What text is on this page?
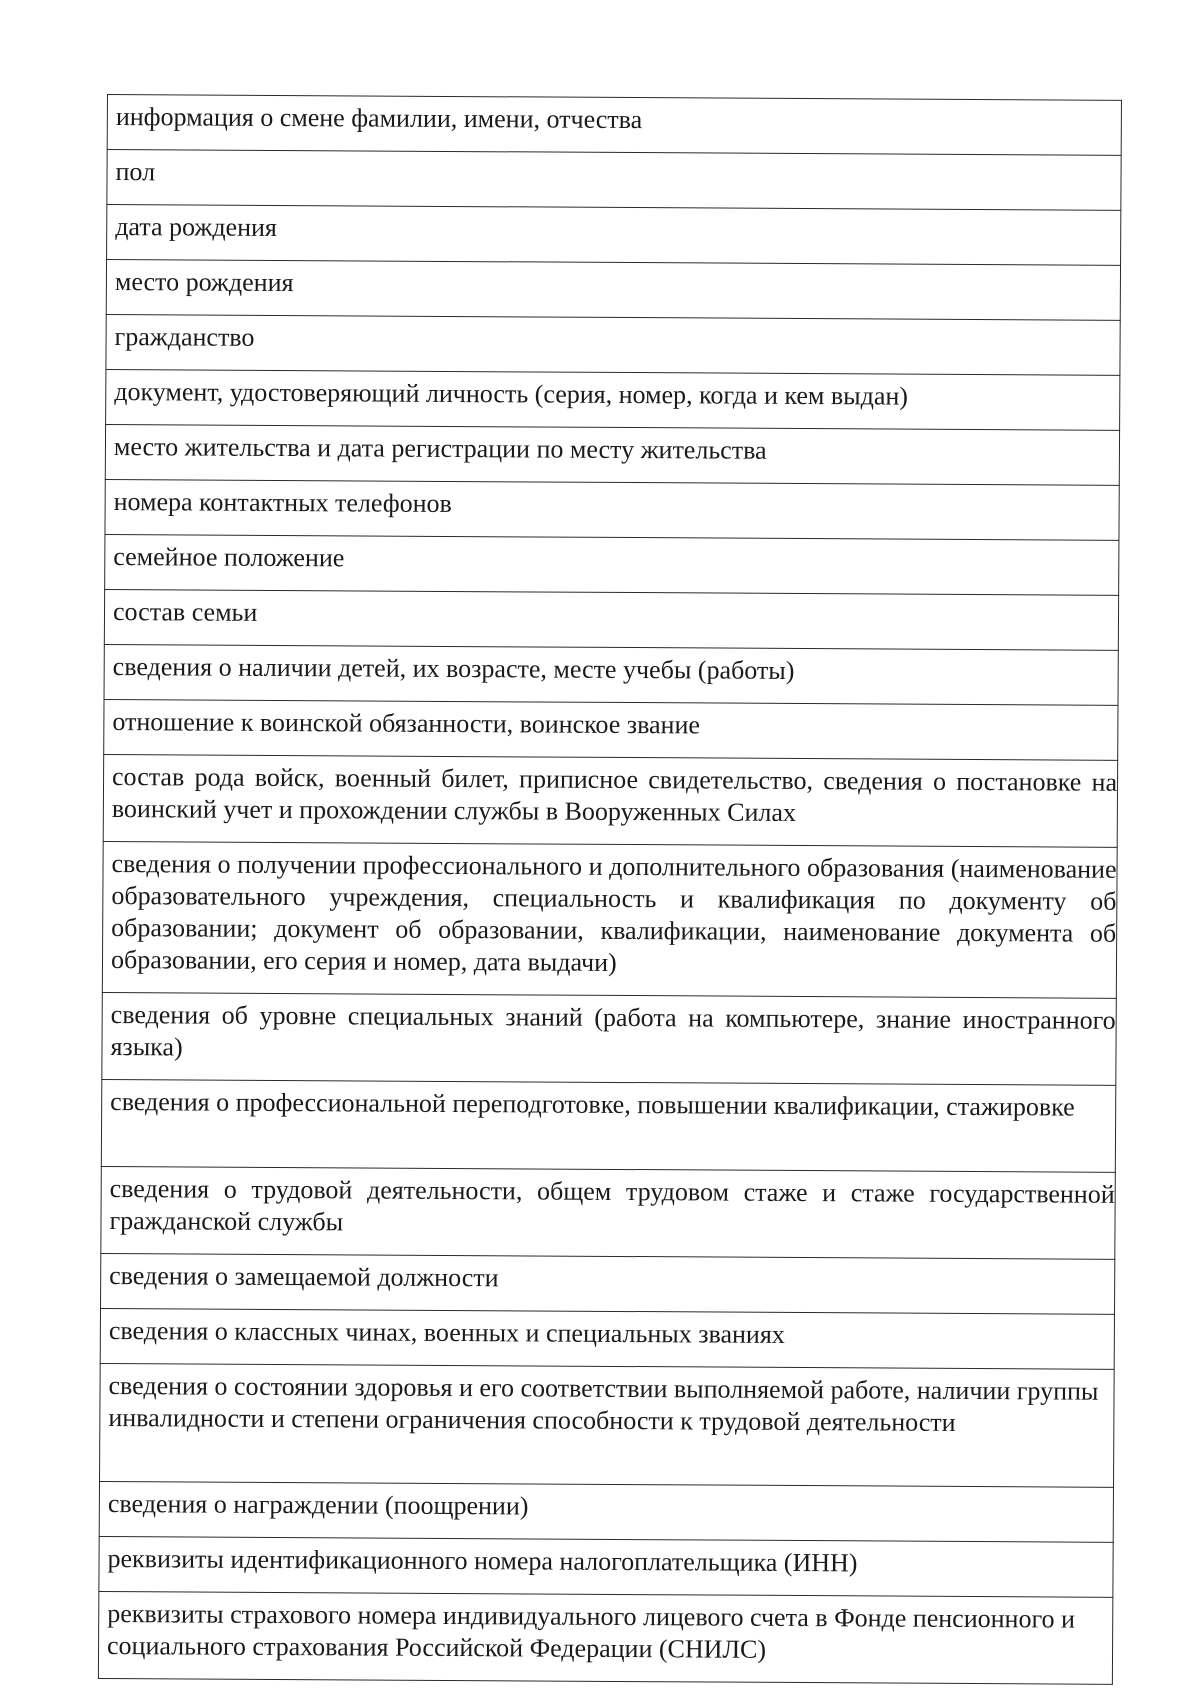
информация о смене фамилии, имени, отчества
пол
дата рождения
место рождения
гражданство
документ, удостоверяющий личность (серия, номер, когда и кем выдан)
место жительства и дата регистрации по месту жительства
номера контактных телефонов
семейное положение
состав семьи
сведения о наличии детей, их возрасте, месте учебы (работы)
отношение к воинской обязанности, воинское звание
состав рода войск, военный билет, приписное свидетельство, сведения о постановке на воинский учет и прохождении службы в Вооруженных Силах
сведения о получении профессионального и дополнительного образования (наименование образовательного учреждения, специальность и квалификация по документу об образовании; документ об образовании, квалификации, наименование документа об образовании, его серия и номер, дата выдачи)
сведения об уровне специальных знаний (работа на компьютере, знание иностранного языка)
сведения о профессиональной переподготовке, повышении квалификации, стажировке
сведения о трудовой деятельности, общем трудовом стаже и стаже государственной гражданской службы
сведения о замещаемой должности
сведения о классных чинах, военных и специальных званиях
сведения о состоянии здоровья и его соответствии выполняемой работе, наличии группы инвалидности и степени ограничения способности к трудовой деятельности
сведения о награждении (поощрении)
реквизиты идентификационного номера налогоплательщика (ИНН)
реквизиты страхового номера индивидуального лицевого счета в Фонде пенсионного и социального страхования Российской Федерации (СНИЛС)
